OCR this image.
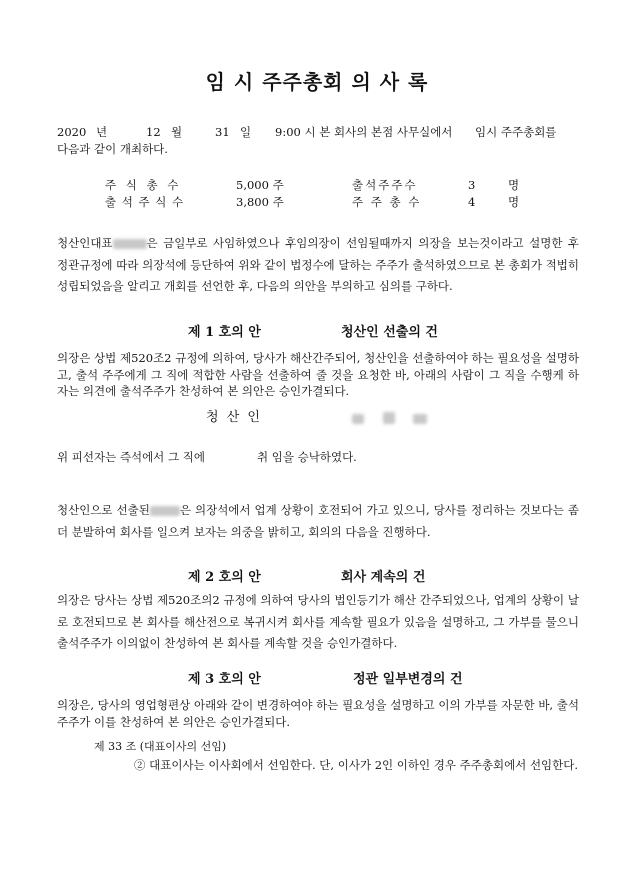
임 시 주주총회 의 사 록
2020 년	12 월	31 일 9:00 시 본 회사의 본점 사무실에서 임시 주주총회를
다음과 같이 개최하다.
주 식 총 수	5,000 주	출석주주수	3	명
출 석 주 식 수	3,800 주	주 주 총 수	4	명
청산인대표	은 금일부로 사임하였으나 후임의장이 선임될때까지 의장을 보는것이라고 설명한 후 정관규정에 따라 의장석에 등단하여 위와 같이 법정수에 달하는 주주가 출석하였으므로 본 총회가 적법히 성립되었음을 알리고 개회를 선언한 후, 다음의 의안을 부의하고 심의를 구하다.
제 1 호의 안	청산인 선출의 건
의장은 상법 제520조2 규정에 의하여, 당사가 해산간주되어, 청산인을 선출하여야 하는 필요성을 설명하고, 출석 주주에게 그 직에 적합한 사람을 선출하여 줄 것을 요청한 바, 아래의 사람이 그 직을 수행케 하자는 의견에 출석주주가 찬성하여 본 의안은 승인가결되다.
청 산 인
위 피선자는 즉석에서 그 직에	취 임을 승낙하였다.
청산인으로 선출된	은 의장석에서 업계 상황이 호전되어 가고 있으니, 당사를 정리하는 것보다는 좀 더 분발하여 회사를 일으켜 보자는 의중을 밝히고, 회의의 다음을 진행하다.
제 2 호의 안	회사 계속의 건
의장은 당사는 상법 제520조의2 규정에 의하여 당사의 법인등기가 해산 간주되었으나, 업계의 상황이 날로 호전되므로 본 회사를 해산전으로 복귀시켜 회사를 계속할 필요가 있음을 설명하고, 그 가부를 물으니 출석주주가 이의없이 찬성하여 본 회사를 계속할 것을 승인가결하다.
제 3 호의 안	정관 일부변경의 건
의장은, 당사의 영업형편상 아래와 같이 변경하여야 하는 필요성을 설명하고 이의 가부를 자문한 바, 출석주주가 이를 찬성하여 본 의안은 승인가결되다.
제 33 조 (대표이사의 선임)
② 대표이사는 이사회에서 선임한다. 단, 이사가 2인 이하인 경우 주주총회에서 선임한다.
